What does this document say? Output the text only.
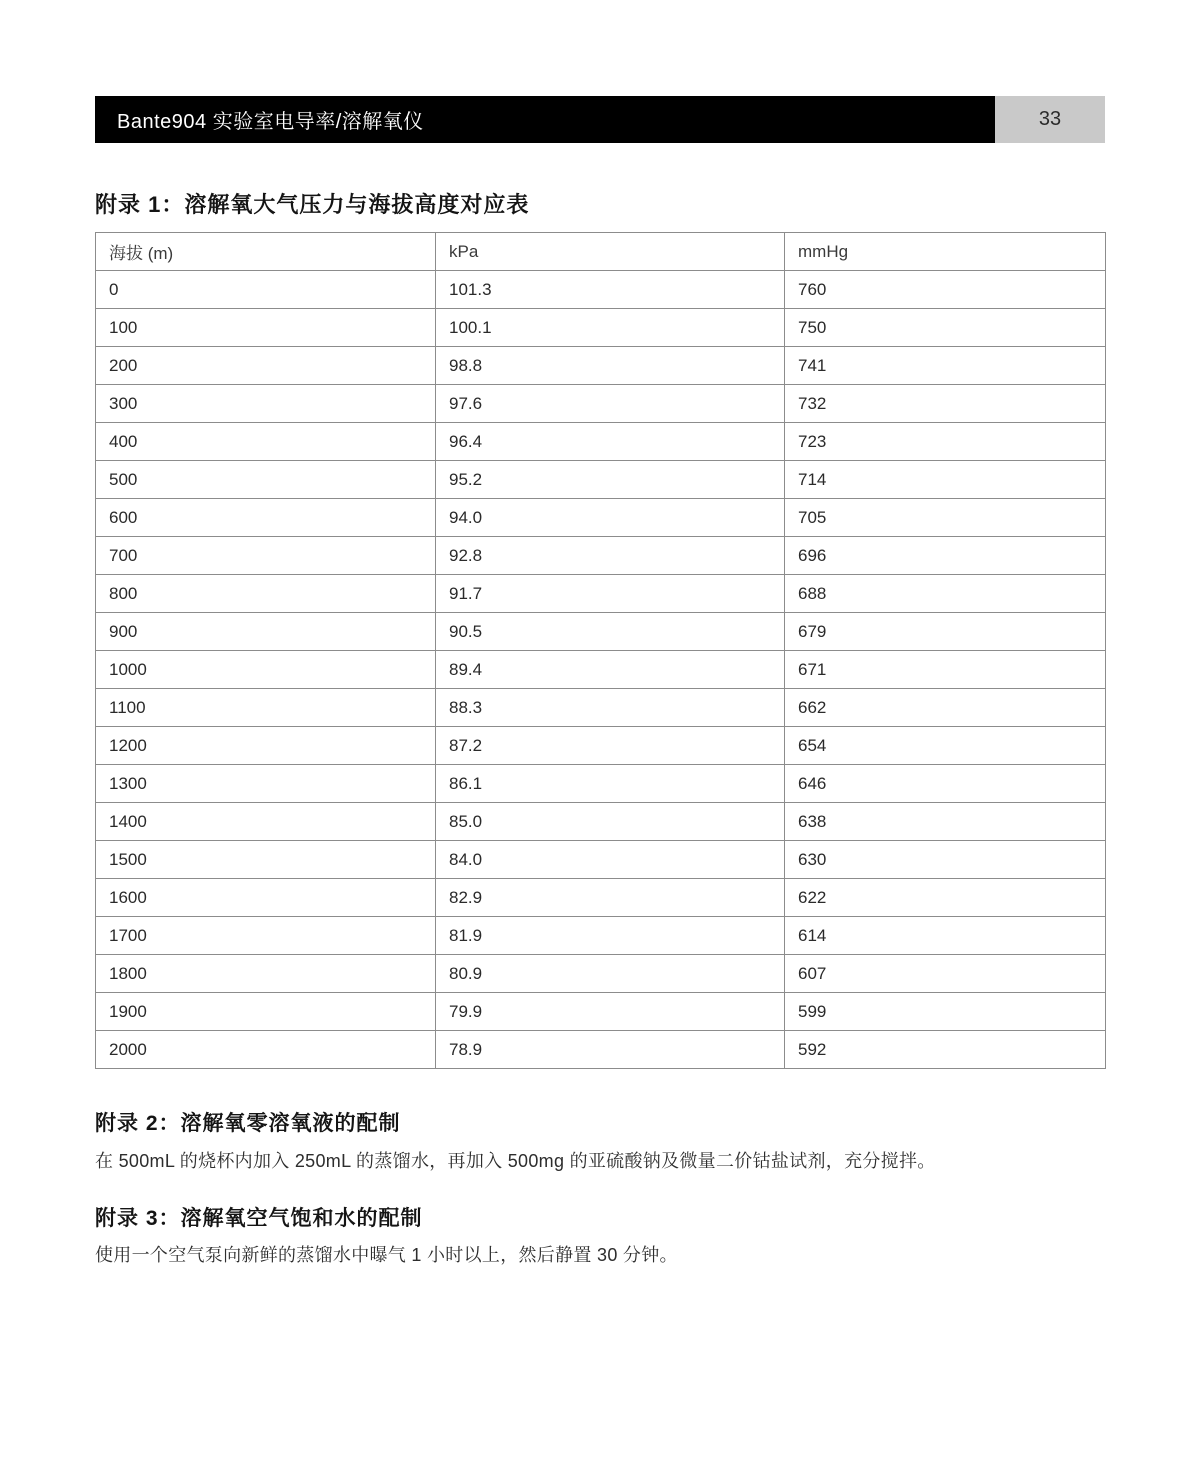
Bante904 实验室电导率/溶解氧仪	33
附录 1：溶解氧大气压力与海拔高度对应表
海拔 (m)	kPa	mmHg
0	101.3	760
100	100.1	750
200	98.8	741
300	97.6	732
400	96.4	723
500	95.2	714
600	94.0	705
700	92.8	696
800	91.7	688
900	90.5	679
1000	89.4	671
1100	88.3	662
1200	87.2	654
1300	86.1	646
1400	85.0	638
1500	84.0	630
1600	82.9	622
1700	81.9	614
1800	80.9	607
1900	79.9	599
2000	78.9	592
附录 2：溶解氧零溶氧液的配制
在 500mL 的烧杯内加入 250mL 的蒸馏水，再加入 500mg 的亚硫酸钠及微量二价钴盐试剂，充分搅拌。
附录 3：溶解氧空气饱和水的配制
使用一个空气泵向新鲜的蒸馏水中曝气 1 小时以上，然后静置 30 分钟。
